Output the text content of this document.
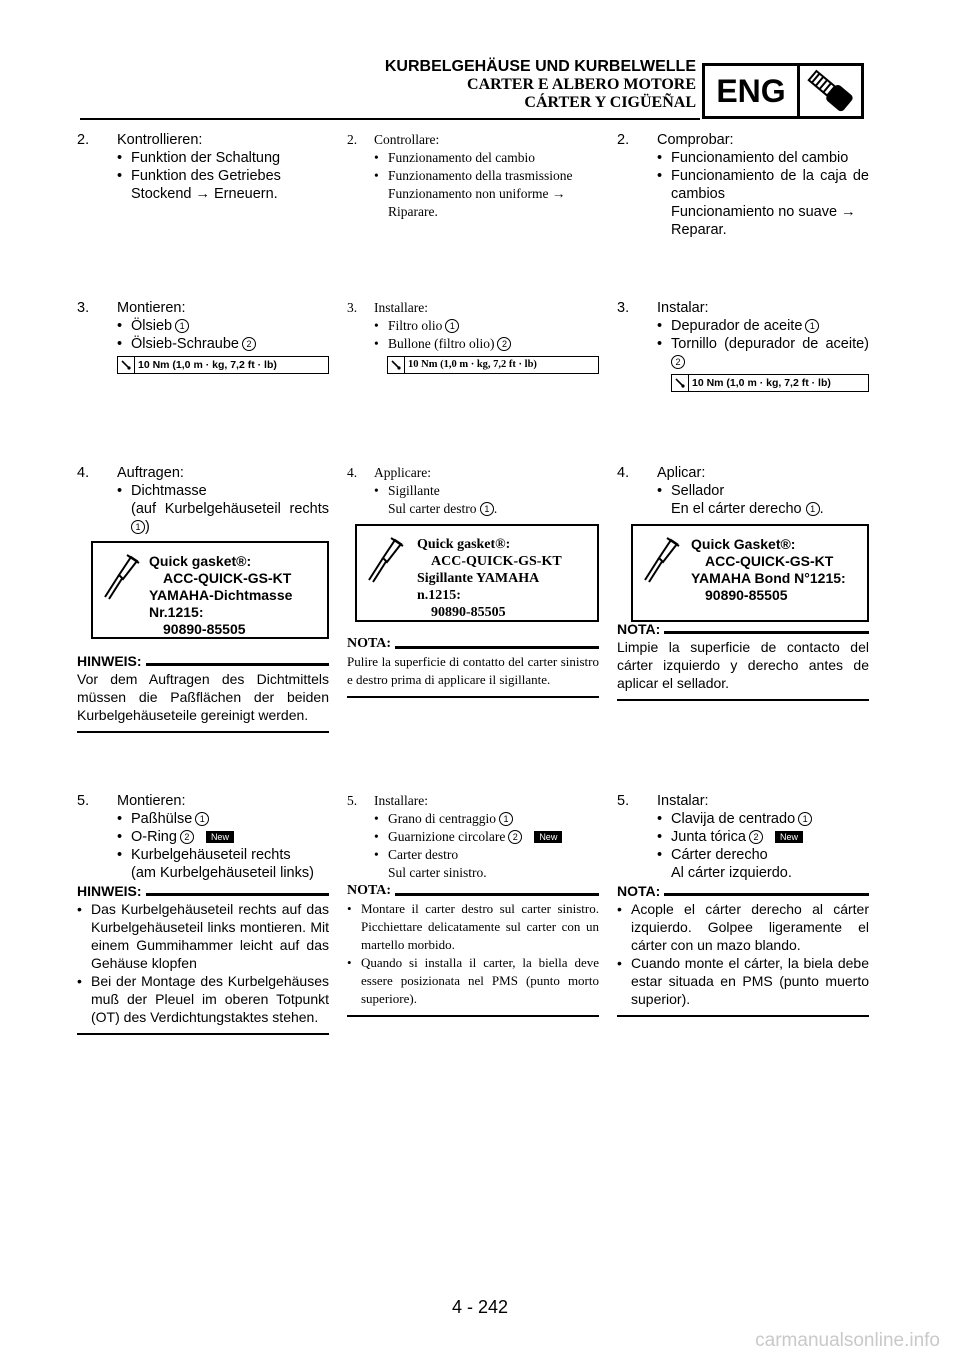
KURBELGEHÄUSE UND KURBELWELLE
CARTER E ALBERO MOTORE
CÁRTER Y CIGÜEÑAL ENG
2. Kontrollieren:
• Funktion der Schaltung
• Funktion des Getriebes
Stockend → Erneuern.
3. Montieren:
• Ölsieb 1
• Ölsieb-Schraube 2
10 Nm (1,0 m · kg, 7,2 ft · lb)
4. Auftragen:
• Dichtmasse
(auf Kurbelgehäuseteil rechts
1 )
Quick gasket®:
ACC-QUICK-GS-KT
YAMAHA-Dichtmasse
Nr.1215:
90890-85505
HINWEIS:
Vor dem Auftragen des Dichtmittels müssen die Paßflächen der beiden Kurbelgehäuseteile gereinigt werden.
5. Montieren:
• Paßhülse 1
• O-Ring 2 New
• Kurbelgehäuseteil rechts
(am Kurbelgehäuseteil links)
HINWEIS:
• Das Kurbelgehäuseteil rechts auf das Kurbelgehäuseteil links montieren. Mit einem Gummihammer leicht auf das Gehäuse klopfen
• Bei der Montage des Kurbelgehäuses muß der Pleuel im oberen Totpunkt (OT) des Verdichtungstaktes stehen.
2. Controllare:
• Funzionamento del cambio
• Funzionamento della trasmissione
Funzionamento non uniforme → Riparare.
3. Installare:
• Filtro olio 1
• Bullone (filtro olio) 2
10 Nm (1,0 m · kg, 7,2 ft · lb)
4. Applicare:
• Sigillante
Sul carter destro 1 .
Quick gasket®:
ACC-QUICK-GS-KT
Sigillante YAMAHA
n.1215:
90890-85505
NOTA:
Pulire la superficie di contatto del carter sinistro e destro prima di applicare il sigillante.
5. Installare:
• Grano di centraggio 1
• Guarnizione circolare 2 New
• Carter destro
Sul carter sinistro.
NOTA:
• Montare il carter destro sul carter sinistro. Picchiettare delicatamente sul carter con un martello morbido.
• Quando si installa il carter, la biella deve essere posizionata nel PMS (punto morto superiore).
2. Comprobar:
• Funcionamiento del cambio
• Funcionamiento de la caja de cambios
Funcionamiento no suave → Reparar.
3. Instalar:
• Depurador de aceite 1
• Tornillo (depurador de aceite)
2
10 Nm (1,0 m · kg, 7,2 ft · lb)
4. Aplicar:
• Sellador
En el cárter derecho 1 .
Quick Gasket®:
ACC-QUICK-GS-KT
YAMAHA Bond N°1215:
90890-85505
NOTA:
Limpie la superficie de contacto del cárter izquierdo y derecho antes de aplicar el sellador.
5. Instalar:
• Clavija de centrado 1
• Junta tórica 2 New
• Cárter derecho
Al cárter izquierdo.
NOTA:
• Acople el cárter derecho al cárter izquierdo. Golpee ligeramente el cárter con un mazo blando.
• Cuando monte el cárter, la biela debe estar situada en PMS (punto muerto superior).
4 - 242
carmanualsonline.info
